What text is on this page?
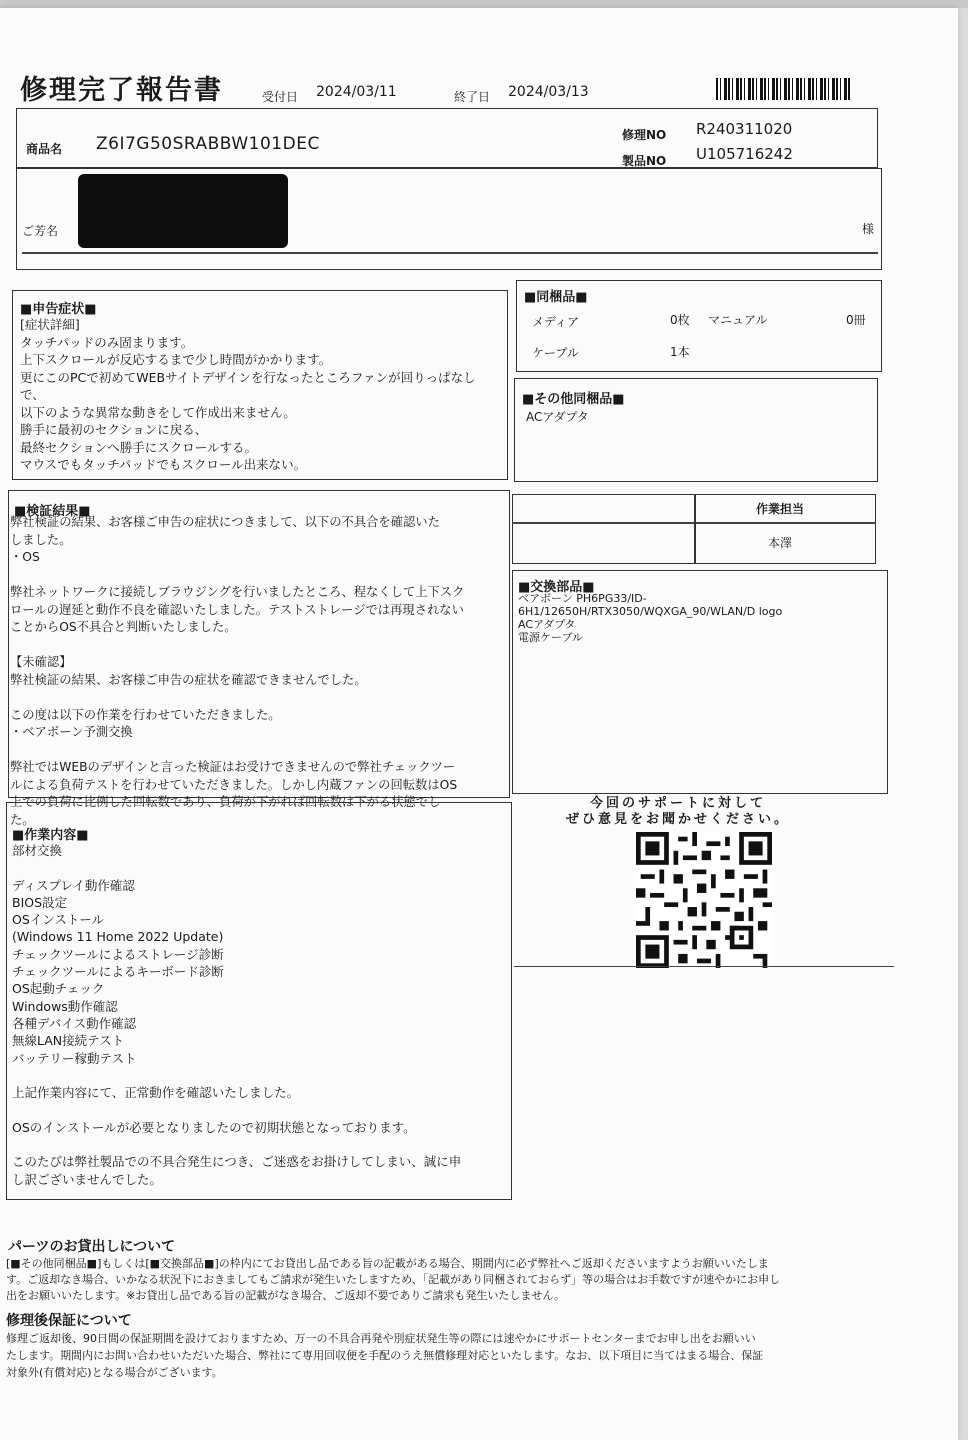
修理完了報告書	受付日 2024/03/11	終了日 2024/03/13
商品名 Z6I7G50SRABBW101DEC	修理NO R240311020
製品NO U105716242
ご芳名	様
■申告症状■
[症状詳細]
タッチパッドのみ固まります。
上下スクロールが反応するまで少し時間がかかります。
更にこのPCで初めてWEBサイトデザインを行なったところファンが回りっぱなし
で、
以下のような異常な動きをして作成出来ません。
勝手に最初のセクションに戻る、
最終セクションへ勝手にスクロールする。
マウスでもタッチパッドでもスクロール出来ない。
■同梱品■
メディア	0枚 マニュアル	0冊
ケーブル	1本
■その他同梱品■
ACアダプタ
■検証結果■
弊社検証の結果、お客様ご申告の症状につきまして、以下の不具合を確認いた
しました。
・OS

弊社ネットワークに接続しブラウジングを行いましたところ、程なくして上下スク
ロールの遅延と動作不良を確認いたしました。テストストレージでは再現されない
ことからOS不具合と判断いたしました。

【未確認】
弊社検証の結果、お客様ご申告の症状を確認できませんでした。

この度は以下の作業を行わせていただきました。
・ベアボーン予測交換

弊社ではWEBのデザインと言った検証はお受けできませんので弊社チェックツー
ルによる負荷テストを行わせていただきました。しかし内蔵ファンの回転数はOS
上での負荷に比例した回転数であり、負荷が下がれば回転数は下がる状態でし
た。
作業担当
本澤
■交換部品■
ベアボーン PH6PG33/ID-
6H1/12650H/RTX3050/WQXGA_90/WLAN/D logo
ACアダプタ
電源ケーブル
■作業内容■
部材交換

ディスプレイ動作確認
BIOS設定
OSインストール
(Windows 11 Home 2022 Update)
チェックツールによるストレージ診断
チェックツールによるキーボード診断
OS起動チェック
Windows動作確認
各種デバイス動作確認
無線LAN接続テスト
バッテリー稼動テスト

上記作業内容にて、正常動作を確認いたしました。

OSのインストールが必要となりましたので初期状態となっております。

このたびは弊社製品での不具合発生につき、ご迷惑をお掛けしてしまい、誠に申
し訳ございませんでした。
今回のサポートに対して
ぜひ意見をお聞かせください。
パーツのお貸出しについて
[■その他同梱品■]もしくは[■交換部品■]の枠内にてお貸出し品である旨の記載がある場合、期間内に必ず弊社へご返却くださいますようお願いいたしま
す。ご返却なき場合、いかなる状況下におきましてもご請求が発生いたしますため、「記載があり同梱されておらず」等の場合はお手数ですが速やかにお申し
出をお願いいたします。※お貸出し品である旨の記載がなき場合、ご返却不要でありご請求も発生いたしません。
修理後保証について
修理ご返却後、90日間の保証期間を設けておりますため、万一の不具合再発や別症状発生等の際には速やかにサポートセンターまでお申し出をお願いい
たします。期間内にお問い合わせいただいた場合、弊社にて専用回収便を手配のうえ無償修理対応といたします。なお、以下項目に当てはまる場合、保証
対象外(有償対応)となる場合がございます。
